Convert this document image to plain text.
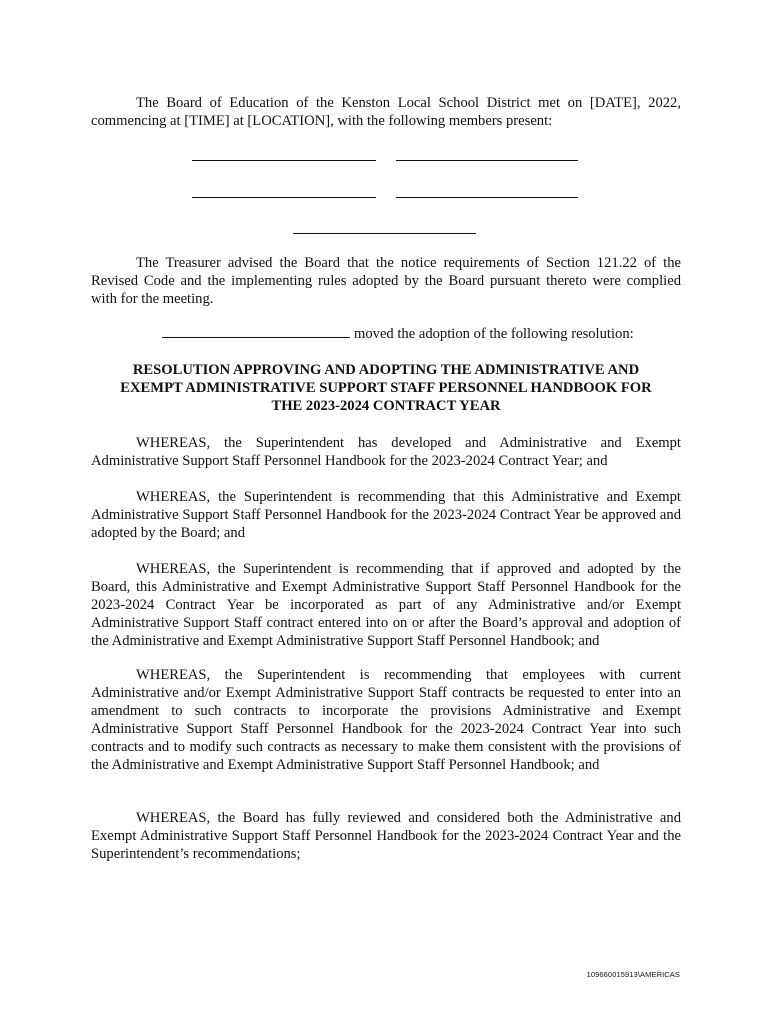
The Board of Education of the Kenston Local School District met on [DATE], 2022, commencing at [TIME] at [LOCATION], with the following members present:

The Treasurer advised the Board that the notice requirements of Section 121.22 of the Revised Code and the implementing rules adopted by the Board pursuant thereto were complied with for the meeting.

moved the adoption of the following resolution:

RESOLUTION APPROVING AND ADOPTING THE ADMINISTRATIVE AND

EXEMPT ADMINISTRATIVE SUPPORT STAFF PERSONNEL HANDBOOK FOR

THE 2023-2024 CONTRACT YEAR

WHEREAS, the Superintendent has developed and Administrative and Exempt Administrative Support Staff Personnel Handbook for the 2023-2024 Contract Year; and

WHEREAS, the Superintendent is recommending that this Administrative and Exempt Administrative Support Staff Personnel Handbook for the 2023-2024 Contract Year be approved and adopted by the Board; and

WHEREAS, the Superintendent is recommending that if approved and adopted by the Board, this Administrative and Exempt Administrative Support Staff Personnel Handbook for the 2023-2024 Contract Year be incorporated as part of any Administrative and/or Exempt Administrative Support Staff contract entered into on or after the Board’s approval and adoption of the Administrative and Exempt Administrative Support Staff Personnel Handbook; and

WHEREAS, the Superintendent is recommending that employees with current Administrative and/or Exempt Administrative Support Staff contracts be requested to enter into an amendment to such contracts to incorporate the provisions Administrative and Exempt Administrative Support Staff Personnel Handbook for the 2023-2024 Contract Year into such contracts and to modify such contracts as necessary to make them consistent with the provisions of the Administrative and Exempt Administrative Support Staff Personnel Handbook; and

WHEREAS, the Board has fully reviewed and considered both the Administrative and Exempt Administrative Support Staff Personnel Handbook for the 2023-2024 Contract Year and the Superintendent’s recommendations;

109660015913\AMERICAS
